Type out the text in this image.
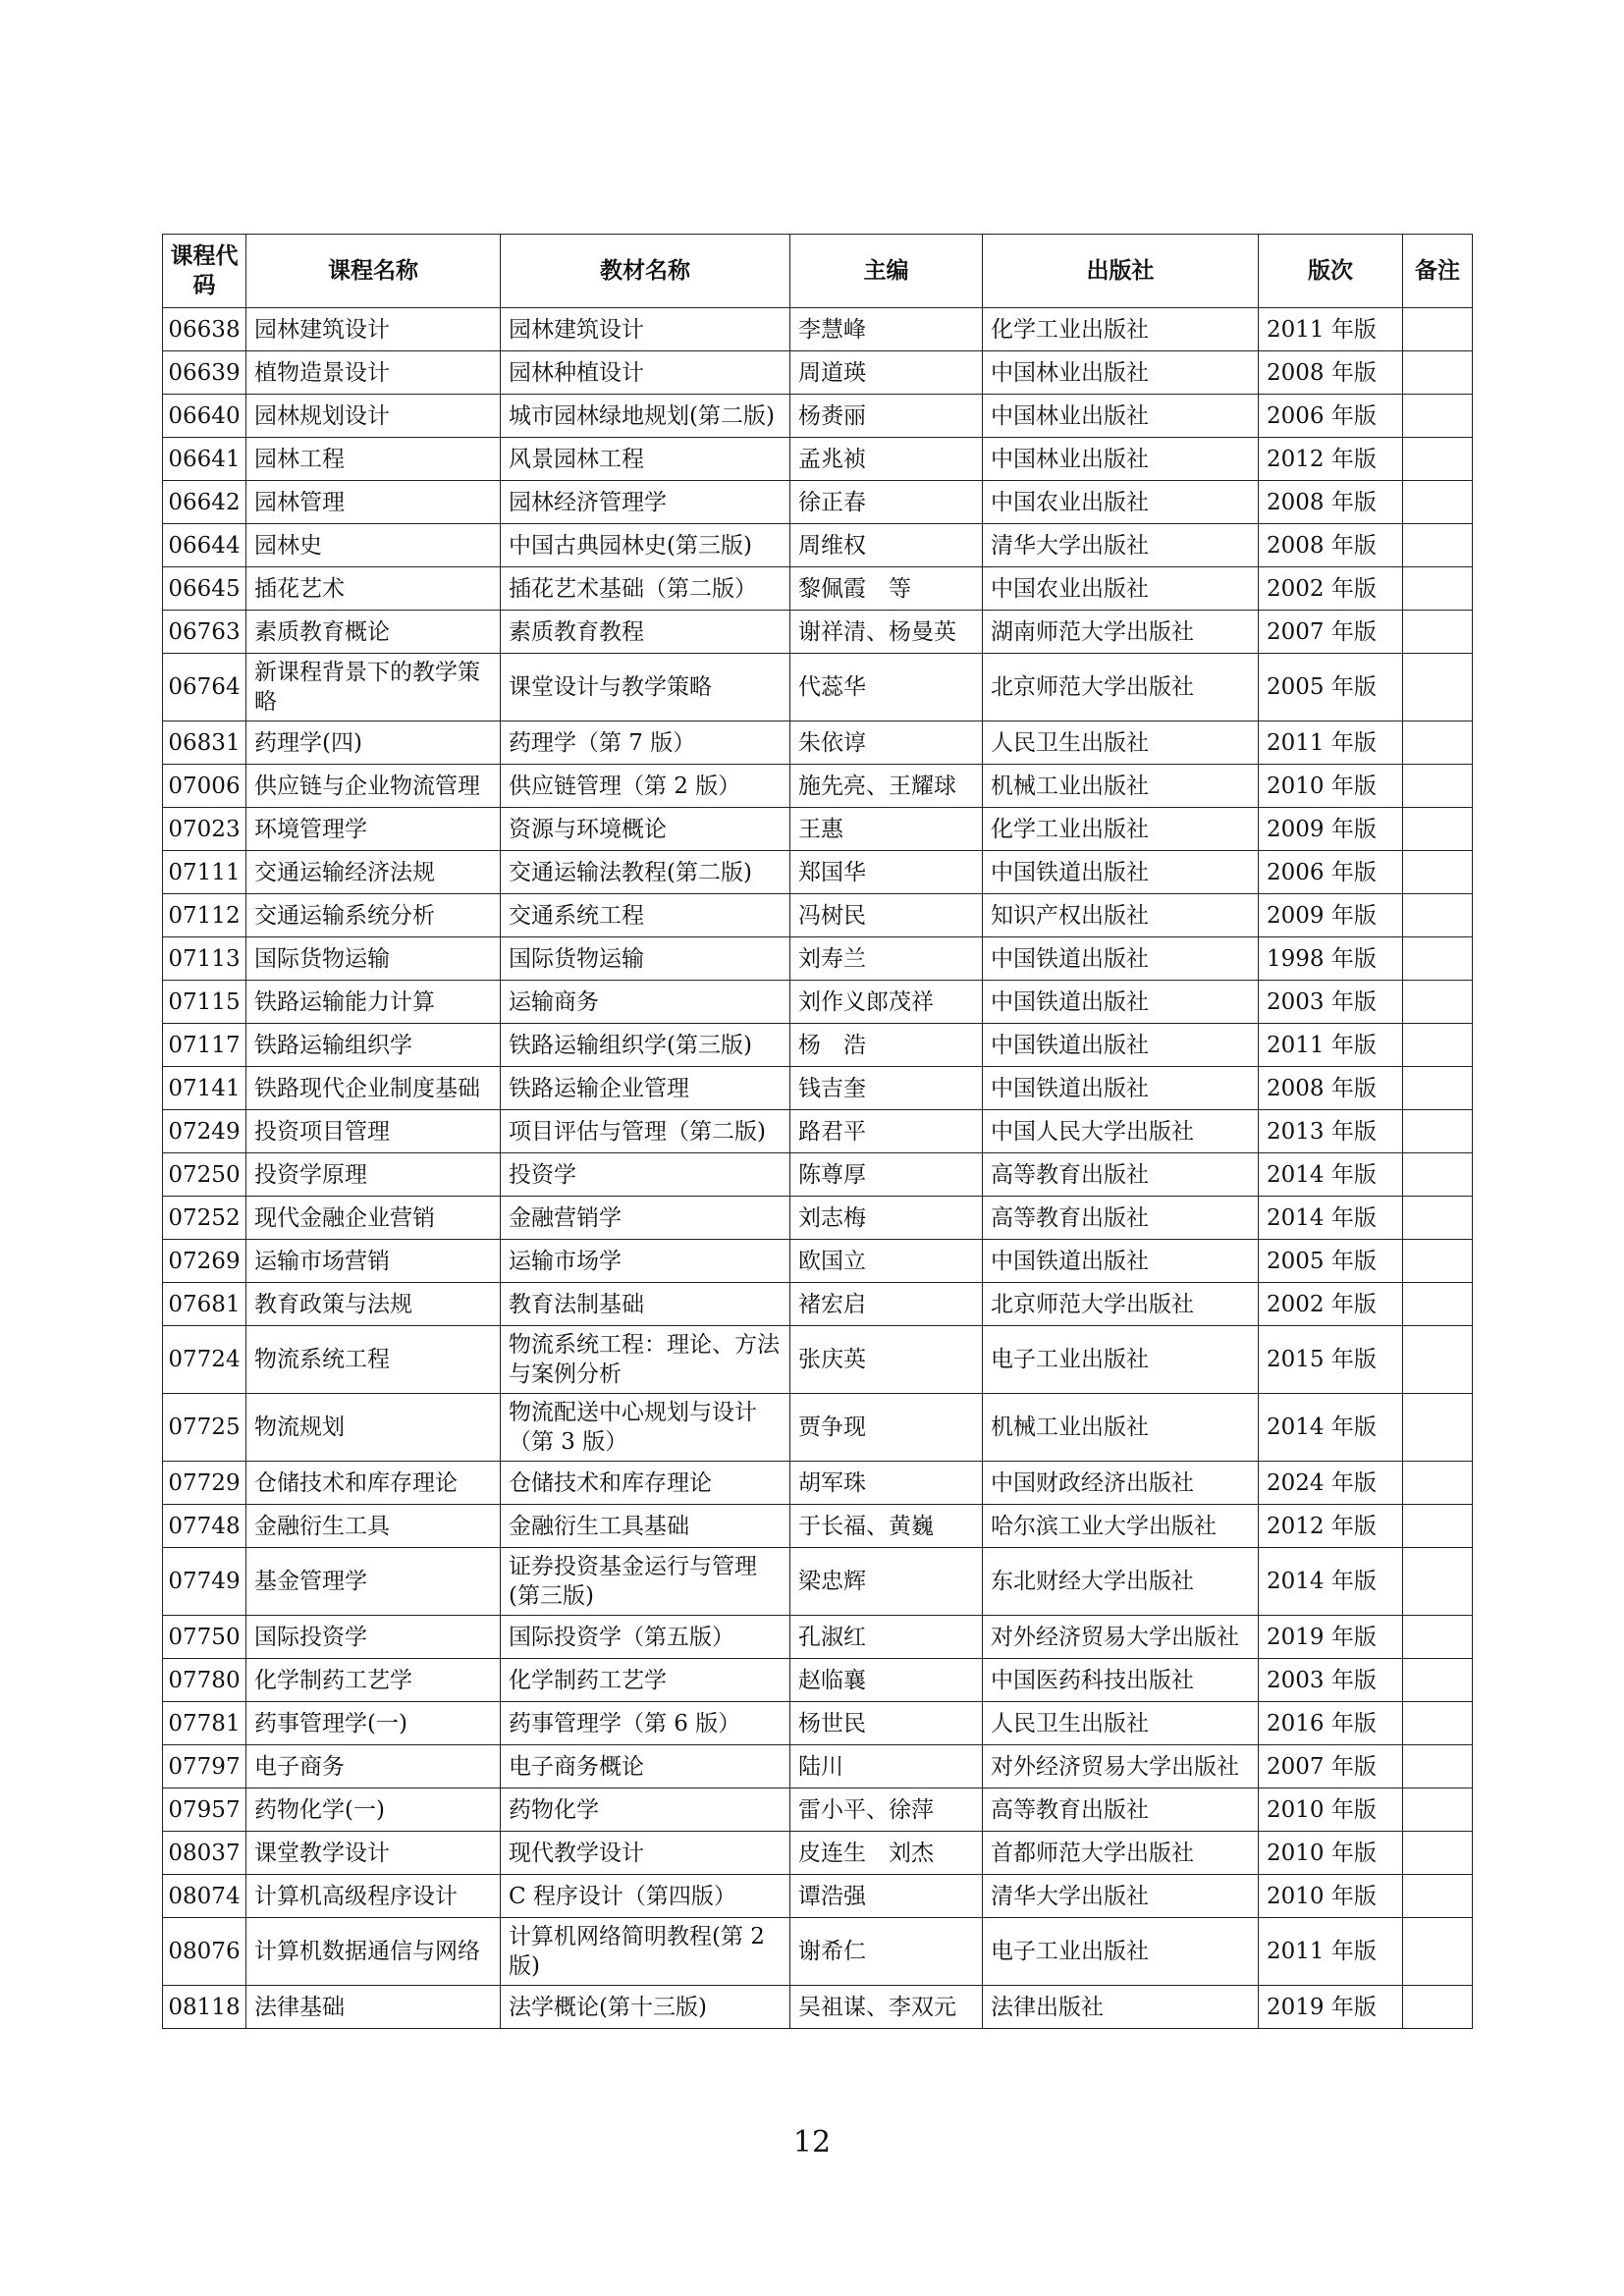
课程代码	课程名称	教材名称	主编	出版社	版次	备注
06638	园林建筑设计	园林建筑设计	李慧峰	化学工业出版社	2011 年版	
06639	植物造景设计	园林种植设计	周道瑛	中国林业出版社	2008 年版	
06640	园林规划设计	城市园林绿地规划(第二版)	杨赉丽	中国林业出版社	2006 年版	
06641	园林工程	风景园林工程	孟兆祯	中国林业出版社	2012 年版	
06642	园林管理	园林经济管理学	徐正春	中国农业出版社	2008 年版	
06644	园林史	中国古典园林史(第三版)	周维权	清华大学出版社	2008 年版	
06645	插花艺术	插花艺术基础（第二版）	黎佩霞　等	中国农业出版社	2002 年版	
06763	素质教育概论	素质教育教程	谢祥清、杨曼英	湖南师范大学出版社	2007 年版	
06764	新课程背景下的教学策略	课堂设计与教学策略	代蕊华	北京师范大学出版社	2005 年版	
06831	药理学(四)	药理学（第 7 版）	朱依谆	人民卫生出版社	2011 年版	
07006	供应链与企业物流管理	供应链管理（第 2 版）	施先亮、王耀球	机械工业出版社	2010 年版	
07023	环境管理学	资源与环境概论	王惠	化学工业出版社	2009 年版	
07111	交通运输经济法规	交通运输法教程(第二版)	郑国华	中国铁道出版社	2006 年版	
07112	交通运输系统分析	交通系统工程	冯树民	知识产权出版社	2009 年版	
07113	国际货物运输	国际货物运输	刘寿兰	中国铁道出版社	1998 年版	
07115	铁路运输能力计算	运输商务	刘作义郎茂祥	中国铁道出版社	2003 年版	
07117	铁路运输组织学	铁路运输组织学(第三版)	杨　浩	中国铁道出版社	2011 年版	
07141	铁路现代企业制度基础	铁路运输企业管理	钱吉奎	中国铁道出版社	2008 年版	
07249	投资项目管理	项目评估与管理（第二版)	路君平	中国人民大学出版社	2013 年版	
07250	投资学原理	投资学	陈尊厚	高等教育出版社	2014 年版	
07252	现代金融企业营销	金融营销学	刘志梅	高等教育出版社	2014 年版	
07269	运输市场营销	运输市场学	欧国立	中国铁道出版社	2005 年版	
07681	教育政策与法规	教育法制基础	褚宏启	北京师范大学出版社	2002 年版	
07724	物流系统工程	物流系统工程：理论、方法与案例分析	张庆英	电子工业出版社	2015 年版	
07725	物流规划	物流配送中心规划与设计（第 3 版）	贾争现	机械工业出版社	2014 年版	
07729	仓储技术和库存理论	仓储技术和库存理论	胡军珠	中国财政经济出版社	2024 年版	
07748	金融衍生工具	金融衍生工具基础	于长福、黄巍	哈尔滨工业大学出版社	2012 年版	
07749	基金管理学	证券投资基金运行与管理(第三版)	梁忠辉	东北财经大学出版社	2014 年版	
07750	国际投资学	国际投资学（第五版）	孔淑红	对外经济贸易大学出版社	2019 年版	
07780	化学制药工艺学	化学制药工艺学	赵临襄	中国医药科技出版社	2003 年版	
07781	药事管理学(一)	药事管理学（第 6 版）	杨世民	人民卫生出版社	2016 年版	
07797	电子商务	电子商务概论	陆川	对外经济贸易大学出版社	2007 年版	
07957	药物化学(一)	药物化学	雷小平、徐萍	高等教育出版社	2010 年版	
08037	课堂教学设计	现代教学设计	皮连生　刘杰	首都师范大学出版社	2010 年版	
08074	计算机高级程序设计	C 程序设计（第四版）	谭浩强	清华大学出版社	2010 年版	
08076	计算机数据通信与网络	计算机网络简明教程(第 2 版)	谢希仁	电子工业出版社	2011 年版	
08118	法律基础	法学概论(第十三版)	吴祖谋、李双元	法律出版社	2019 年版	
12
